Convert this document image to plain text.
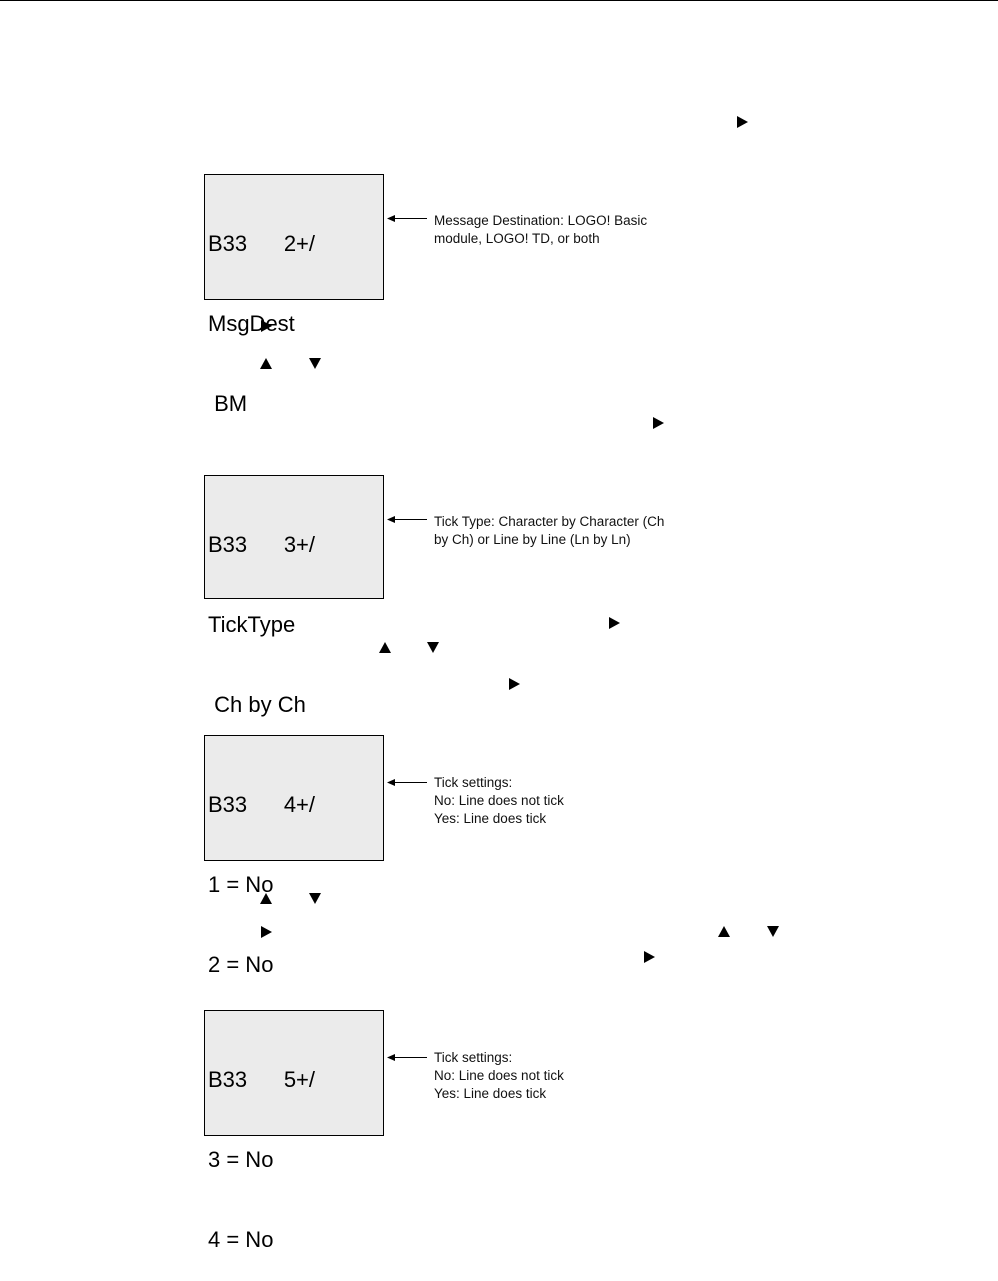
B33      2+/

MsgDest

BM

Message Destination: LOGO! Basic
module, LOGO! TD, or both

B33      3+/

TickType

Ch by Ch

Tick Type: Character by Character (Ch
by Ch) or Line by Line (Ln by Ln)

B33      4+/

1 = No

2 = No

Tick settings:
No: Line does not tick
Yes: Line does tick

B33      5+/

3 = No

4 = No

Tick settings:
No: Line does not tick
Yes: Line does tick
